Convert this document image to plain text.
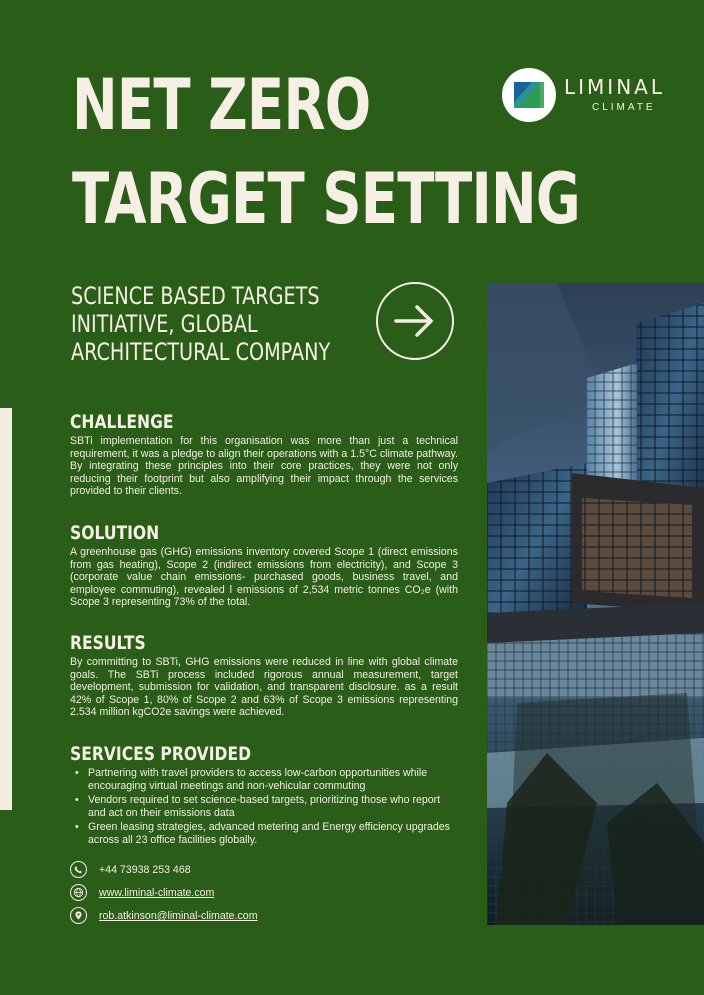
NET ZERO
TARGET SETTING
LIMINAL
CLIMATE
SCIENCE BASED TARGETS
INITIATIVE, GLOBAL
ARCHITECTURAL COMPANY
CHALLENGE

SBTi implementation for this organisation was more than just a technical requirement, it was a pledge to align their operations with a 1.5°C climate pathway. By integrating these principles into their core practices, they were not only reducing their footprint but also amplifying their impact through the services provided to their clients.

SOLUTION

A greenhouse gas (GHG) emissions inventory covered Scope 1 (direct emissions from gas heating), Scope 2 (indirect emissions from electricity), and Scope 3 (corporate value chain emissions- purchased goods, business travel, and employee commuting), revealed l emissions of 2,534 metric tonnes CO₂e (with Scope 3 representing 73% of the total.

RESULTS

By committing to SBTi, GHG emissions were reduced in line with global climate goals. The SBTi process included rigorous annual measurement, target development, submission for validation, and transparent disclosure. as a result 42% of Scope 1, 80% of Scope 2 and 63% of Scope 3 emissions representing 2.534 million kgCO2e savings were achieved.

SERVICES PROVIDED
• Partnering with travel providers to access low-carbon opportunities while encouraging virtual meetings and non-vehicular commuting
• Vendors required to set science-based targets, prioritizing those who report and act on their emissions data
• Green leasing strategies, advanced metering and Energy efficiency upgrades across all 23 office facilities globally.
+44 73938 253 468
www.liminal-climate.com
rob.atkinson@liminal-climate.com
